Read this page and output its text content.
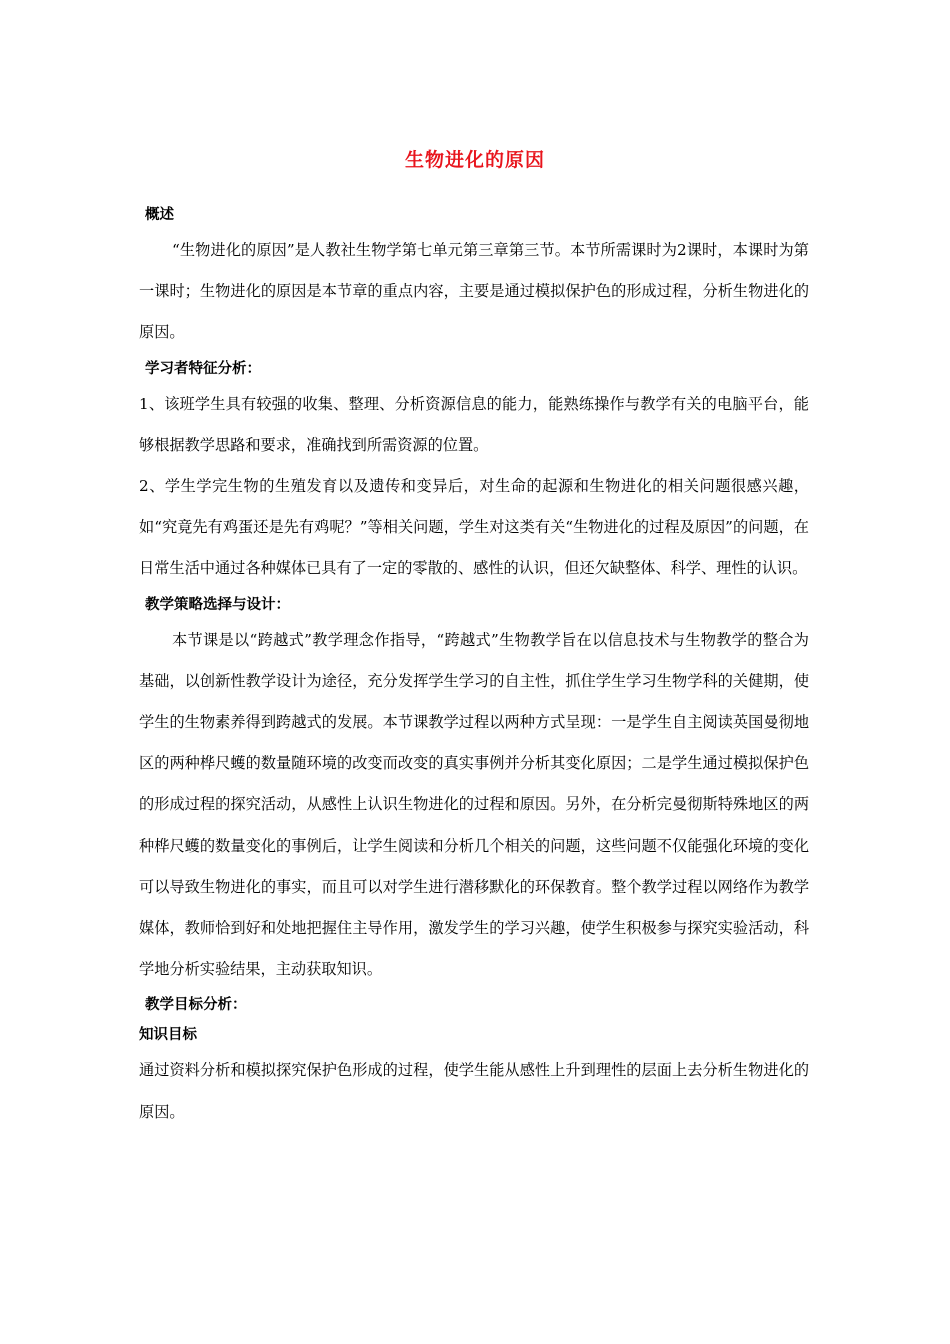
生物进化的原因
概述

“生物进化的原因”是人教社生物学第七单元第三章第三节。本节所需课时为2课时，本课时为第一课时；生物进化的原因是本节章的重点内容，主要是通过模拟保护色的形成过程，分析生物进化的原因。

学习者特征分析：

1、该班学生具有较强的收集、整理、分析资源信息的能力，能熟练操作与教学有关的电脑平台，能够根据教学思路和要求，准确找到所需资源的位置。

2、学生学完生物的生殖发育以及遗传和变异后，对生命的起源和生物进化的相关问题很感兴趣，如“究竟先有鸡蛋还是先有鸡呢？”等相关问题，学生对这类有关“生物进化的过程及原因”的问题，在日常生活中通过各种媒体已具有了一定的零散的、感性的认识，但还欠缺整体、科学、理性的认识。

教学策略选择与设计：

本节课是以“跨越式”教学理念作指导，“跨越式”生物教学旨在以信息技术与生物教学的整合为基础，以创新性教学设计为途径，充分发挥学生学习的自主性，抓住学生学习生物学科的关健期，使学生的生物素养得到跨越式的发展。本节课教学过程以两种方式呈现：一是学生自主阅读英国曼彻地区的两种桦尺蠖的数量随环境的改变而改变的真实事例并分析其变化原因；二是学生通过模拟保护色的形成过程的探究活动，从感性上认识生物进化的过程和原因。另外，在分析完曼彻斯特殊地区的两种桦尺蠖的数量变化的事例后，让学生阅读和分析几个相关的问题，这些问题不仅能强化环境的变化可以导致生物进化的事实，而且可以对学生进行潜移默化的环保教育。整个教学过程以网络作为教学媒体，教师恰到好和处地把握住主导作用，激发学生的学习兴趣，使学生积极参与探究实验活动，科学地分析实验结果，主动获取知识。

教学目标分析：
知识目标

通过资料分析和模拟探究保护色形成的过程，使学生能从感性上升到理性的层面上去分析生物进化的原因。
